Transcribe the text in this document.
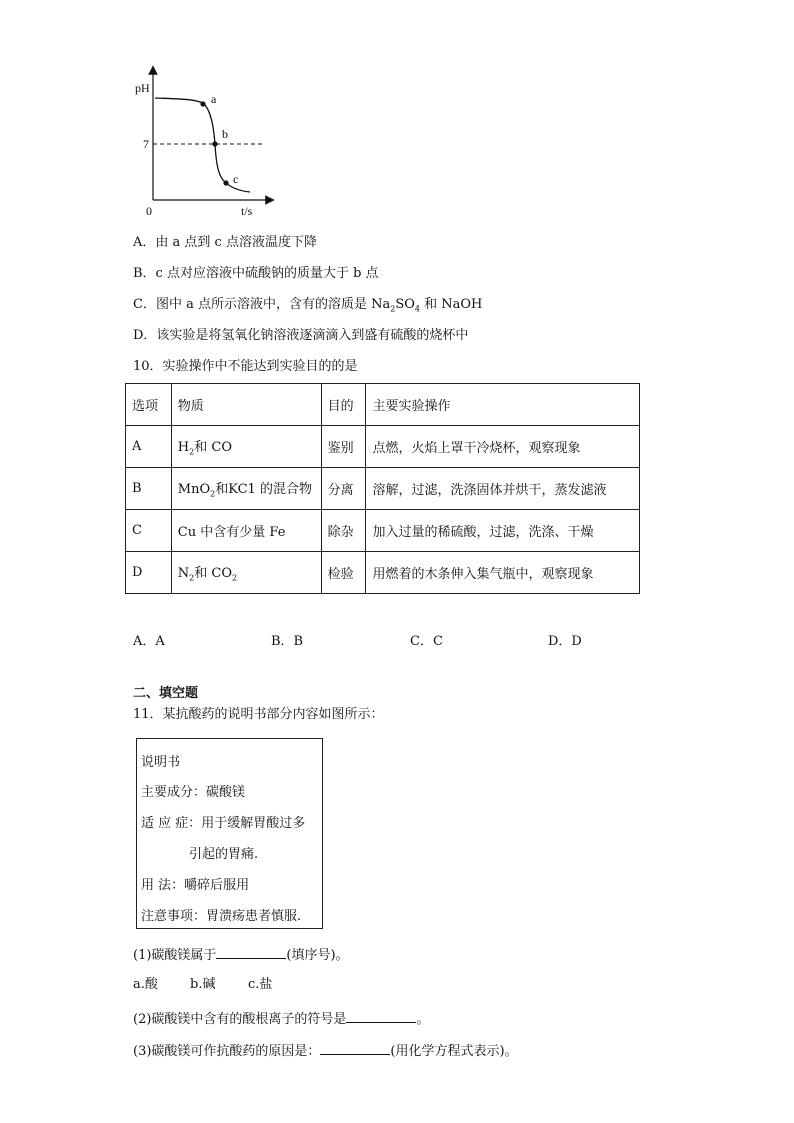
pH
7
0	t/s
a
b
c
A．由 a 点到 c 点溶液温度下降
B．c 点对应溶液中硫酸钠的质量大于 b 点
C．图中 a 点所示溶液中，含有的溶质是 $Na_2SO_4$ 和 NaOH
D．该实验是将氢氧化钠溶液逐滴滴入到盛有硫酸的烧杯中
10．实验操作中不能达到实验目的的是
选项	物质	目的	主要实验操作
A	$H_2$和 CO	鉴别	点燃，火焰上罩干冷烧杯，观察现象
B	MnO$_2$和KC1 的混合物	分离	溶解，过滤，洗涤固体并烘干，蒸发滤液
C	Cu 中含有少量 Fe	除杂	加入过量的稀硫酸，过滤，洗涤、干燥
D	$N_2$和 $CO_2$	检验	用燃着的木条伸入集气瓶中，观察现象
A．A	B．B	C．C	D．D
二、填空题
11．某抗酸药的说明书部分内容如图所示：
说明书
主要成分：碳酸镁
适 应 症：用于缓解胃酸过多
引起的胃痛.
用 法：嚼碎后服用
注意事项：胃溃疡患者慎服.
(1)碳酸镁属于	(填序号)。
a.酸 b.碱	c.盐
(2)碳酸镁中含有的酸根离子的符号是	。
(3)碳酸镁可作抗酸药的原因是：	(用化学方程式表示)。
